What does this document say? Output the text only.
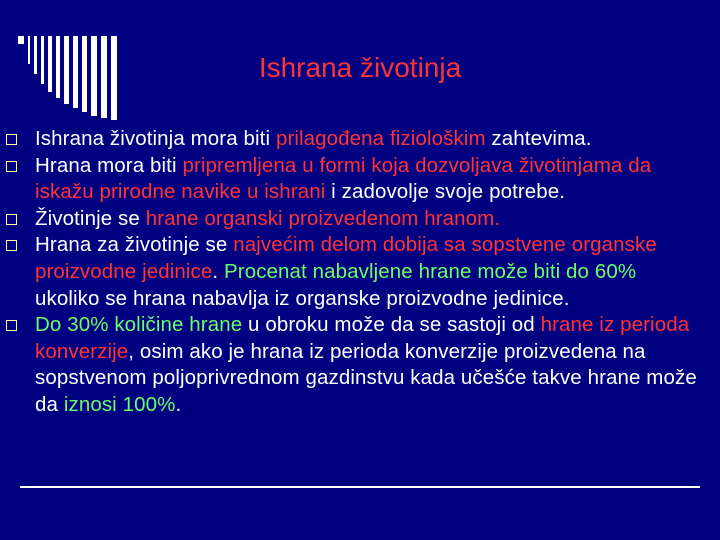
Ishrana životinja
Ishrana životinja mora biti prilagođena fiziološkim zahtevima.
Hrana mora biti pripremljena u formi koja dozvoljava životinjama da iskažu prirodne navike u ishrani i zadovolje svoje potrebe.
Životinje se hrane organski proizvedenom hranom.
Hrana za životinje se najvećim delom dobija sa sopstvene organske proizvodne jedinice. Procenat nabavljene hrane može biti do 60% ukoliko se hrana nabavlja iz organske proizvodne jedinice.
Do 30% količine hrane u obroku može da se sastoji od hrane iz perioda konverzije, osim ako je hrana iz perioda konverzije proizvedena na sopstvenom poljoprivrednom gazdinstvu kada učešće takve hrane može da iznosi 100%.
